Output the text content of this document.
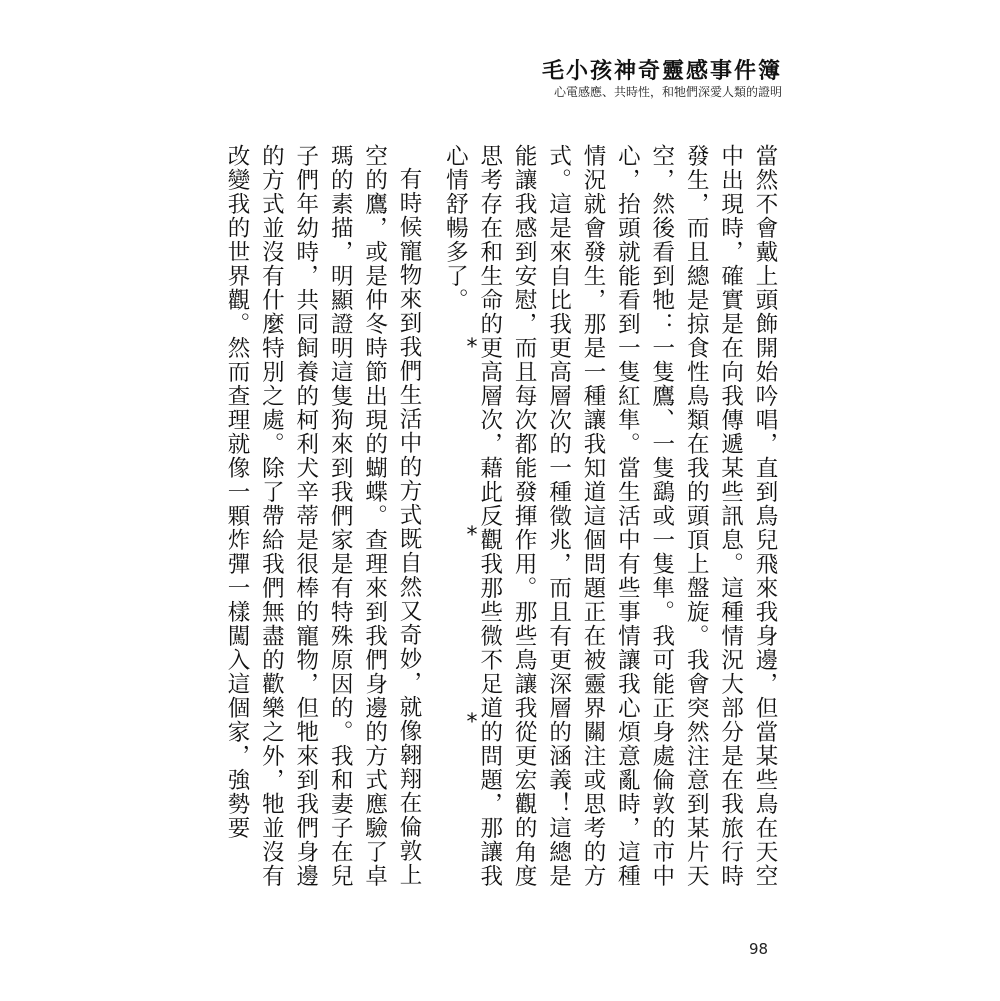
毛小孩神奇靈感事件簿
心電感應、共時性，和牠們深愛人類的證明

當然不會戴上頭飾開始吟唱，直到鳥兒飛來我身邊，但當某些鳥在天空中出現時，確實是在向我傳遞某些訊息。這種情況大部分是在我旅行時發生，而且總是掠食性鳥類在我的頭頂上盤旋。我會突然注意到某片天空，然後看到牠：一隻鷹、一隻鷂或一隻隼。我可能正身處倫敦的市中心，抬頭就能看到一隻紅隼。當生活中有些事情讓我心煩意亂時，這種情況就會發生，那是一種讓我知道這個問題正在被靈界關注或思考的方式。這是來自比我更高層次的一種徵兆，而且有更深層的涵義！這總是能讓我感到安慰，而且每次都能發揮作用。那些鳥讓我從更宏觀的角度思考存在和生命的更高層次，藉此反觀我那些微不足道的問題，那讓我心情舒暢多了。

*
*
*

有時候寵物來到我們生活中的方式既自然又奇妙，就像翱翔在倫敦上空的鷹，或是仲冬時節出現的蝴蝶。查理來到我們身邊的方式應驗了卓瑪的素描，明顯證明這隻狗來到我們家是有特殊原因的。我和妻子在兒子們年幼時，共同飼養的柯利犬辛蒂是很棒的寵物，但牠來到我們身邊的方式並沒有什麼特別之處。除了帶給我們無盡的歡樂之外，牠並沒有改變我的世界觀。然而查理就像一顆炸彈一樣闖入這個家，強勢要

98
